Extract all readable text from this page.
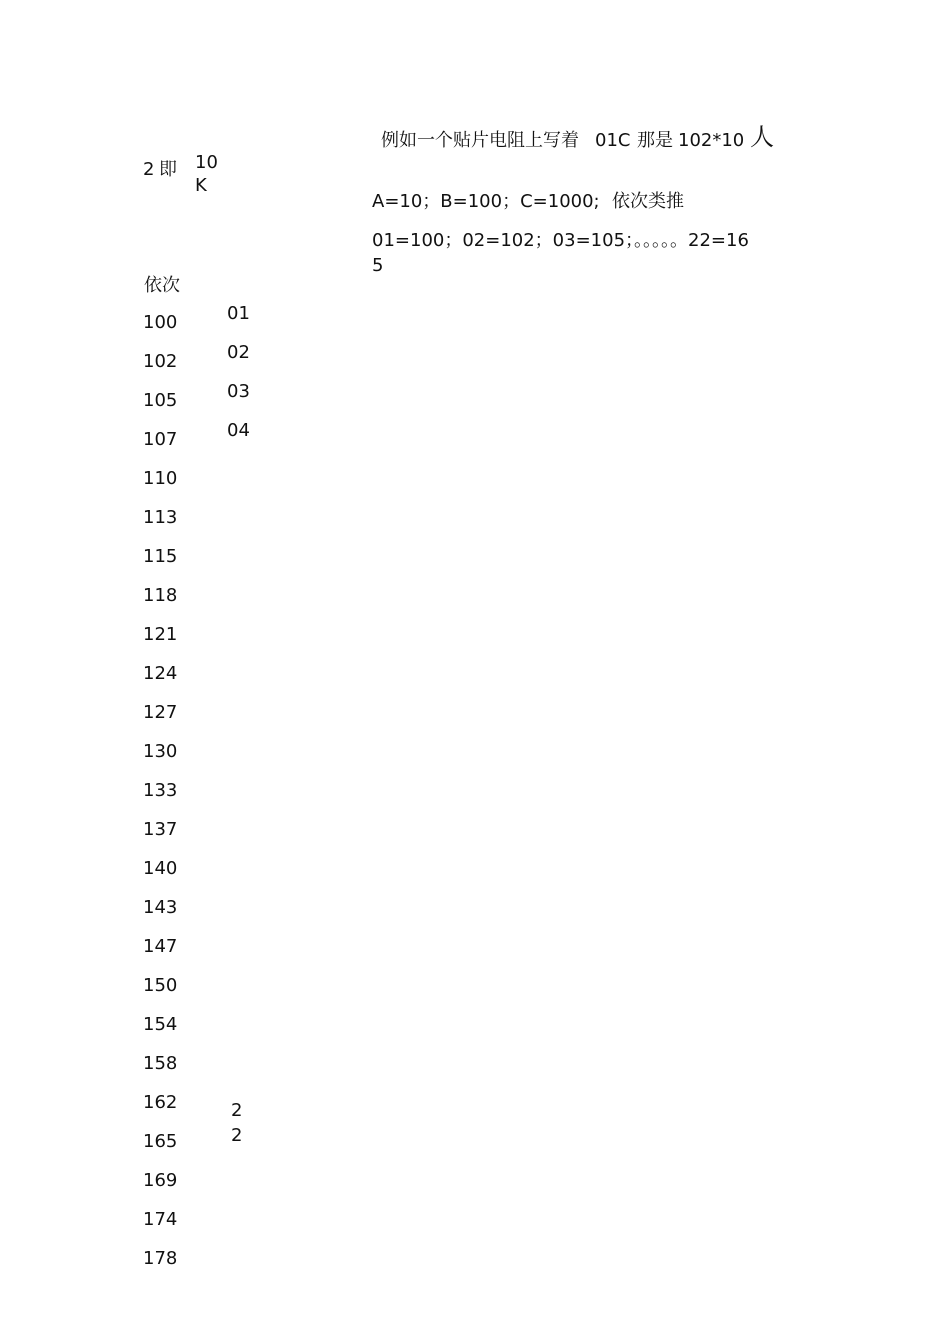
例如一个贴片电阻上写着 01C 那是 102*10 人
2 即 10
K
A=10；B=100；C=1000; 依次类推
01=100；02=102；03=105；。。。。。22=16
5
依次
100
102
105
107
110
113
115
118
121
124
127
130
133
137
140
143
147
150
154
158
162
165
169
174
178
01
02
03
04
2
2
